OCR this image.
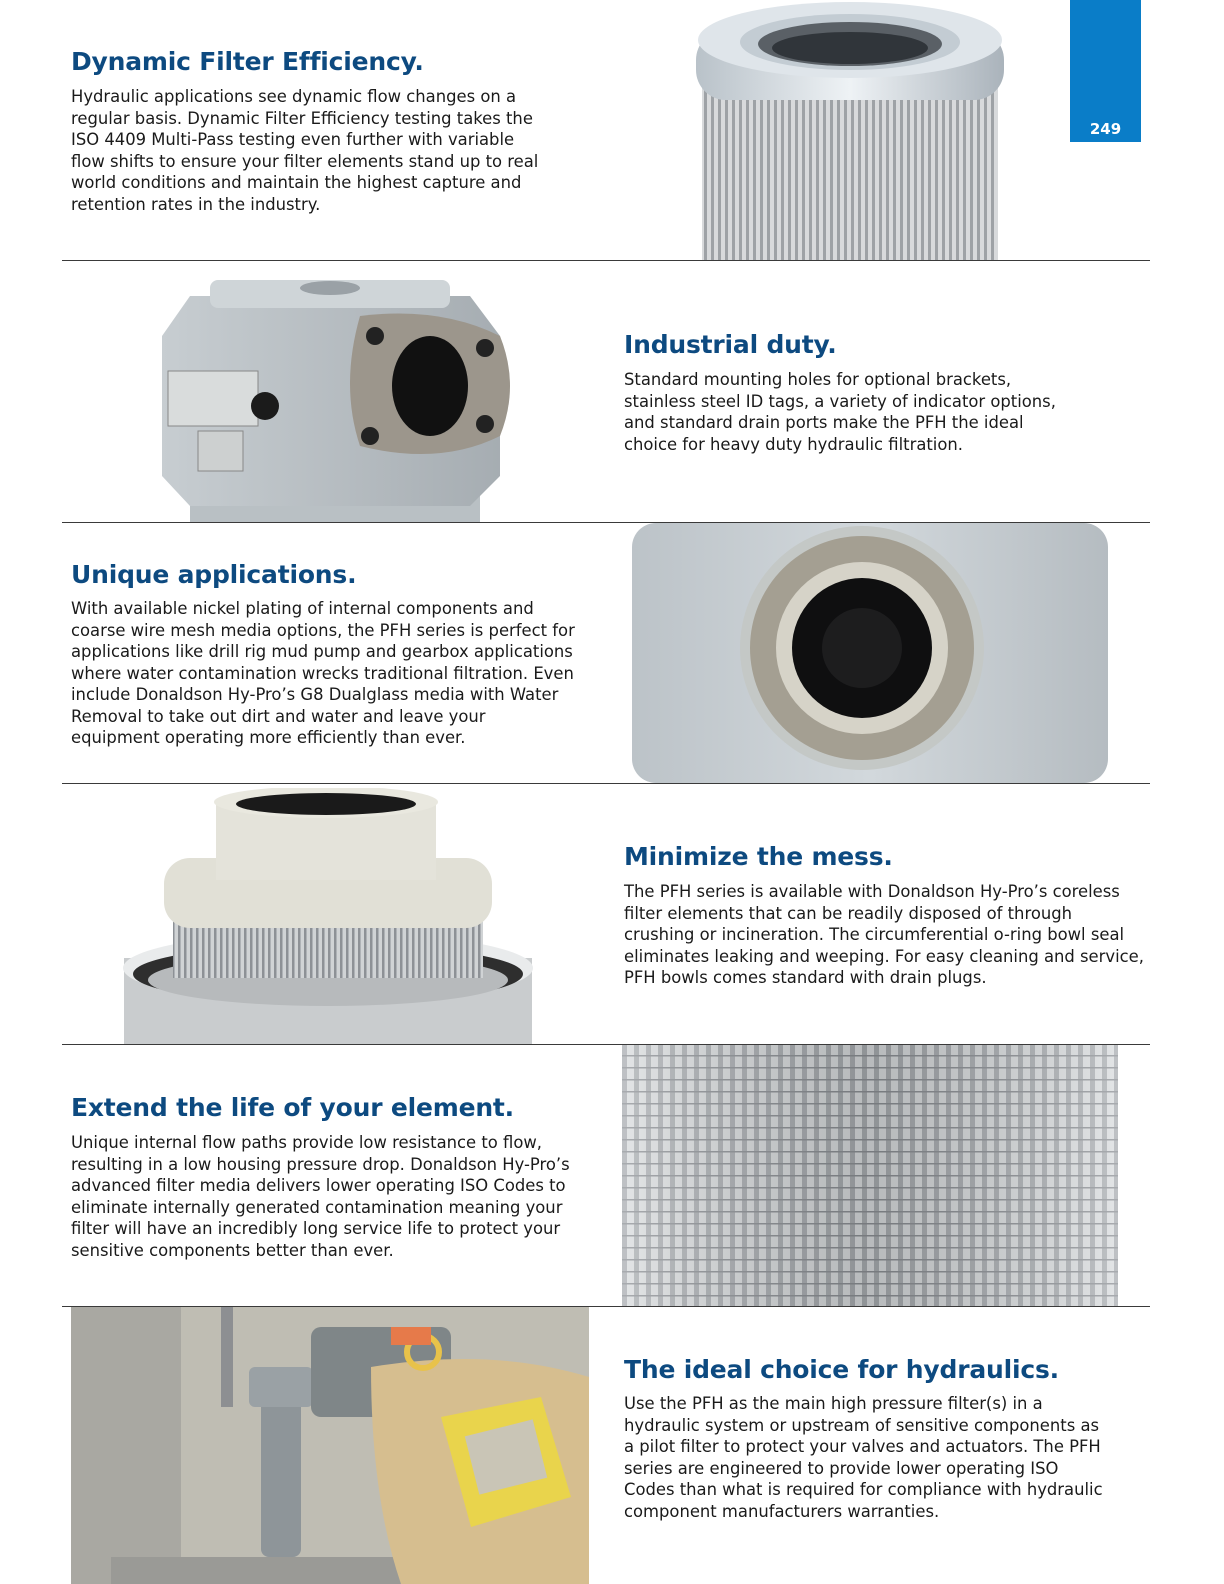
249
Dynamic Filter Efficiency.

Hydraulic applications see dynamic flow changes on a regular basis. Dynamic Filter Efficiency testing takes the ISO 4409 Multi-Pass testing even further with variable flow shifts to ensure your filter elements stand up to real world conditions and maintain the highest capture and retention rates in the industry.

Industrial duty.

Standard mounting holes for optional brackets, stainless steel ID tags, a variety of indicator options, and standard drain ports make the PFH the ideal choice for heavy duty hydraulic filtration.

Unique applications.

With available nickel plating of internal components and coarse wire mesh media options, the PFH series is perfect for applications like drill rig mud pump and gearbox applications where water contamination wrecks traditional filtration. Even include Donaldson Hy-Pro’s G8 Dualglass media with Water Removal to take out dirt and water and leave your equipment operating more efficiently than ever.

Minimize the mess.

The PFH series is available with Donaldson Hy-Pro’s coreless filter elements that can be readily disposed of through crushing or incineration. The circumferential o-ring bowl seal eliminates leaking and weeping. For easy cleaning and service, PFH bowls comes standard with drain plugs.

Extend the life of your element.

Unique internal flow paths provide low resistance to flow, resulting in a low housing pressure drop. Donaldson Hy-Pro’s advanced filter media delivers lower operating ISO Codes to eliminate internally generated contamination meaning your filter will have an incredibly long service life to protect your sensitive components better than ever.

The ideal choice for hydraulics.

Use the PFH as the main high pressure filter(s) in a hydraulic system or upstream of sensitive components as a pilot filter to protect your valves and actuators. The PFH series are engineered to provide lower operating ISO Codes than what is required for compliance with hydraulic component manufacturers warranties.
